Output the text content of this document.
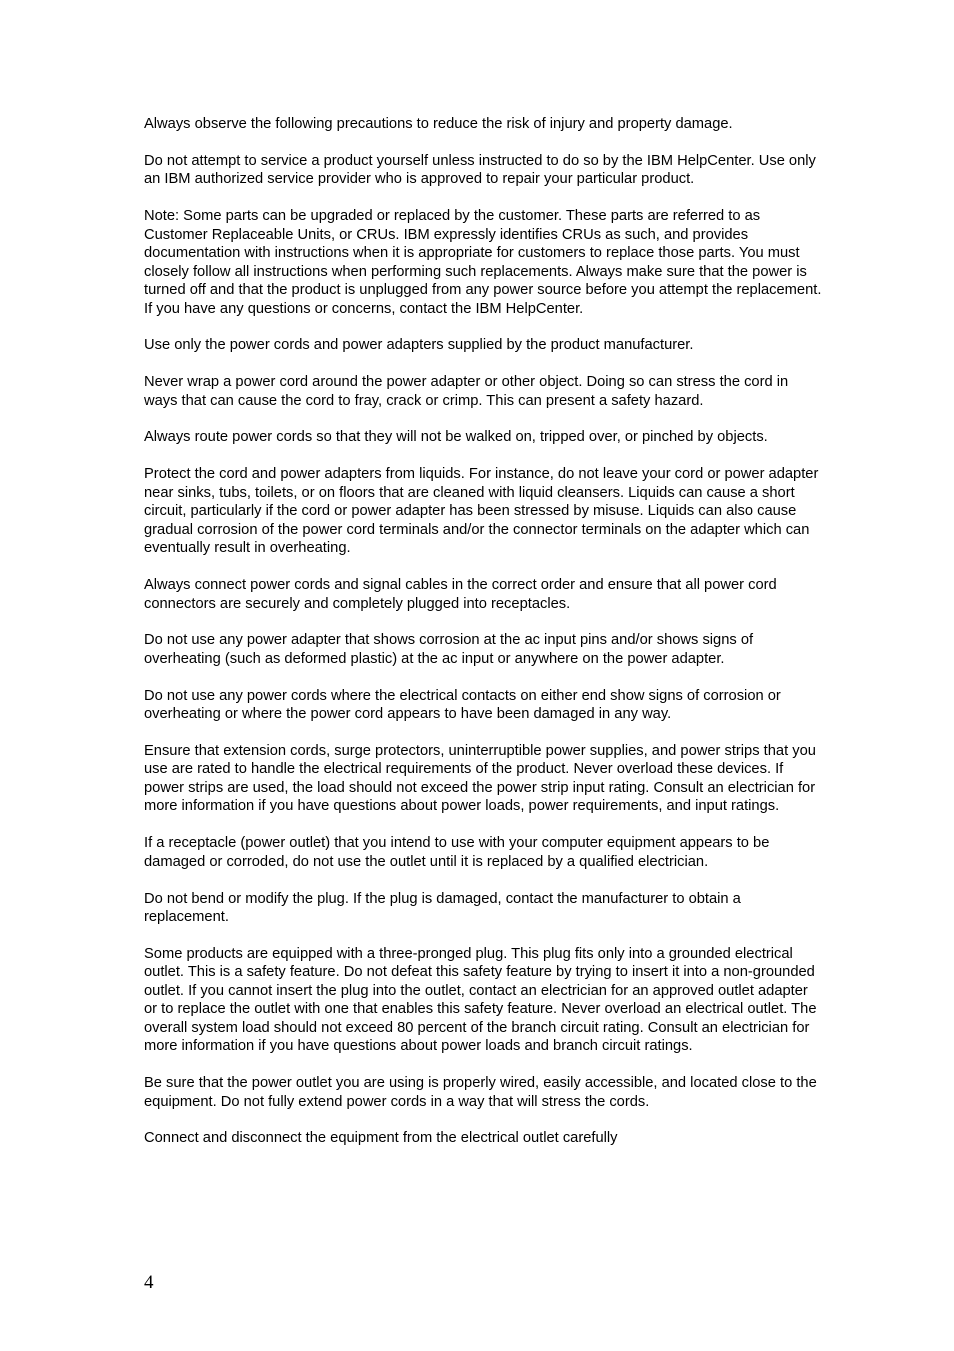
Always observe the following precautions to reduce the risk of injury and property damage.

Do not attempt to service a product yourself unless instructed to do so by the IBM HelpCenter. Use only an IBM authorized service provider who is approved to repair your particular product.

Note: Some parts can be upgraded or replaced by the customer. These parts are referred to as Customer Replaceable Units, or CRUs. IBM expressly identifies CRUs as such, and provides documentation with instructions when it is appropriate for customers to replace those parts. You must closely follow all instructions when performing such replacements. Always make sure that the power is turned off and that the product is unplugged from any power source before you attempt the replacement. If you have any questions or concerns, contact the IBM HelpCenter.

Use only the power cords and power adapters supplied by the product manufacturer.

Never wrap a power cord around the power adapter or other object. Doing so can stress the cord in ways that can cause the cord to fray, crack or crimp. This can present a safety hazard.

Always route power cords so that they will not be walked on, tripped over, or pinched by objects.

Protect the cord and power adapters from liquids. For instance, do not leave your cord or power adapter near sinks, tubs, toilets, or on floors that are cleaned with liquid cleansers. Liquids can cause a short circuit, particularly if the cord or power adapter has been stressed by misuse. Liquids can also cause gradual corrosion of the power cord terminals and/or the connector terminals on the adapter which can eventually result in overheating.

Always connect power cords and signal cables in the correct order and ensure that all power cord connectors are securely and completely plugged into receptacles.

Do not use any power adapter that shows corrosion at the ac input pins and/or shows signs of overheating (such as deformed plastic) at the ac input or anywhere on the power adapter.

Do not use any power cords where the electrical contacts on either end show signs of corrosion or overheating or where the power cord appears to have been damaged in any way.

Ensure that extension cords, surge protectors, uninterruptible power supplies, and power strips that you use are rated to handle the electrical requirements of the product. Never overload these devices. If power strips are used, the load should not exceed the power strip input rating. Consult an electrician for more information if you have questions about power loads, power requirements, and input ratings.

If a receptacle (power outlet) that you intend to use with your computer equipment appears to be damaged or corroded, do not use the outlet until it is replaced by a qualified electrician.

Do not bend or modify the plug. If the plug is damaged, contact the manufacturer to obtain a replacement.

Some products are equipped with a three-pronged plug. This plug fits only into a grounded electrical outlet. This is a safety feature. Do not defeat this safety feature by trying to insert it into a non-grounded outlet. If you cannot insert the plug into the outlet, contact an electrician for an approved outlet adapter or to replace the outlet with one that enables this safety feature. Never overload an electrical outlet. The overall system load should not exceed 80 percent of the branch circuit rating. Consult an electrician for more information if you have questions about power loads and branch circuit ratings.

Be sure that the power outlet you are using is properly wired, easily accessible, and located close to the equipment. Do not fully extend power cords in a way that will stress the cords.

Connect and disconnect the equipment from the electrical outlet carefully

4
